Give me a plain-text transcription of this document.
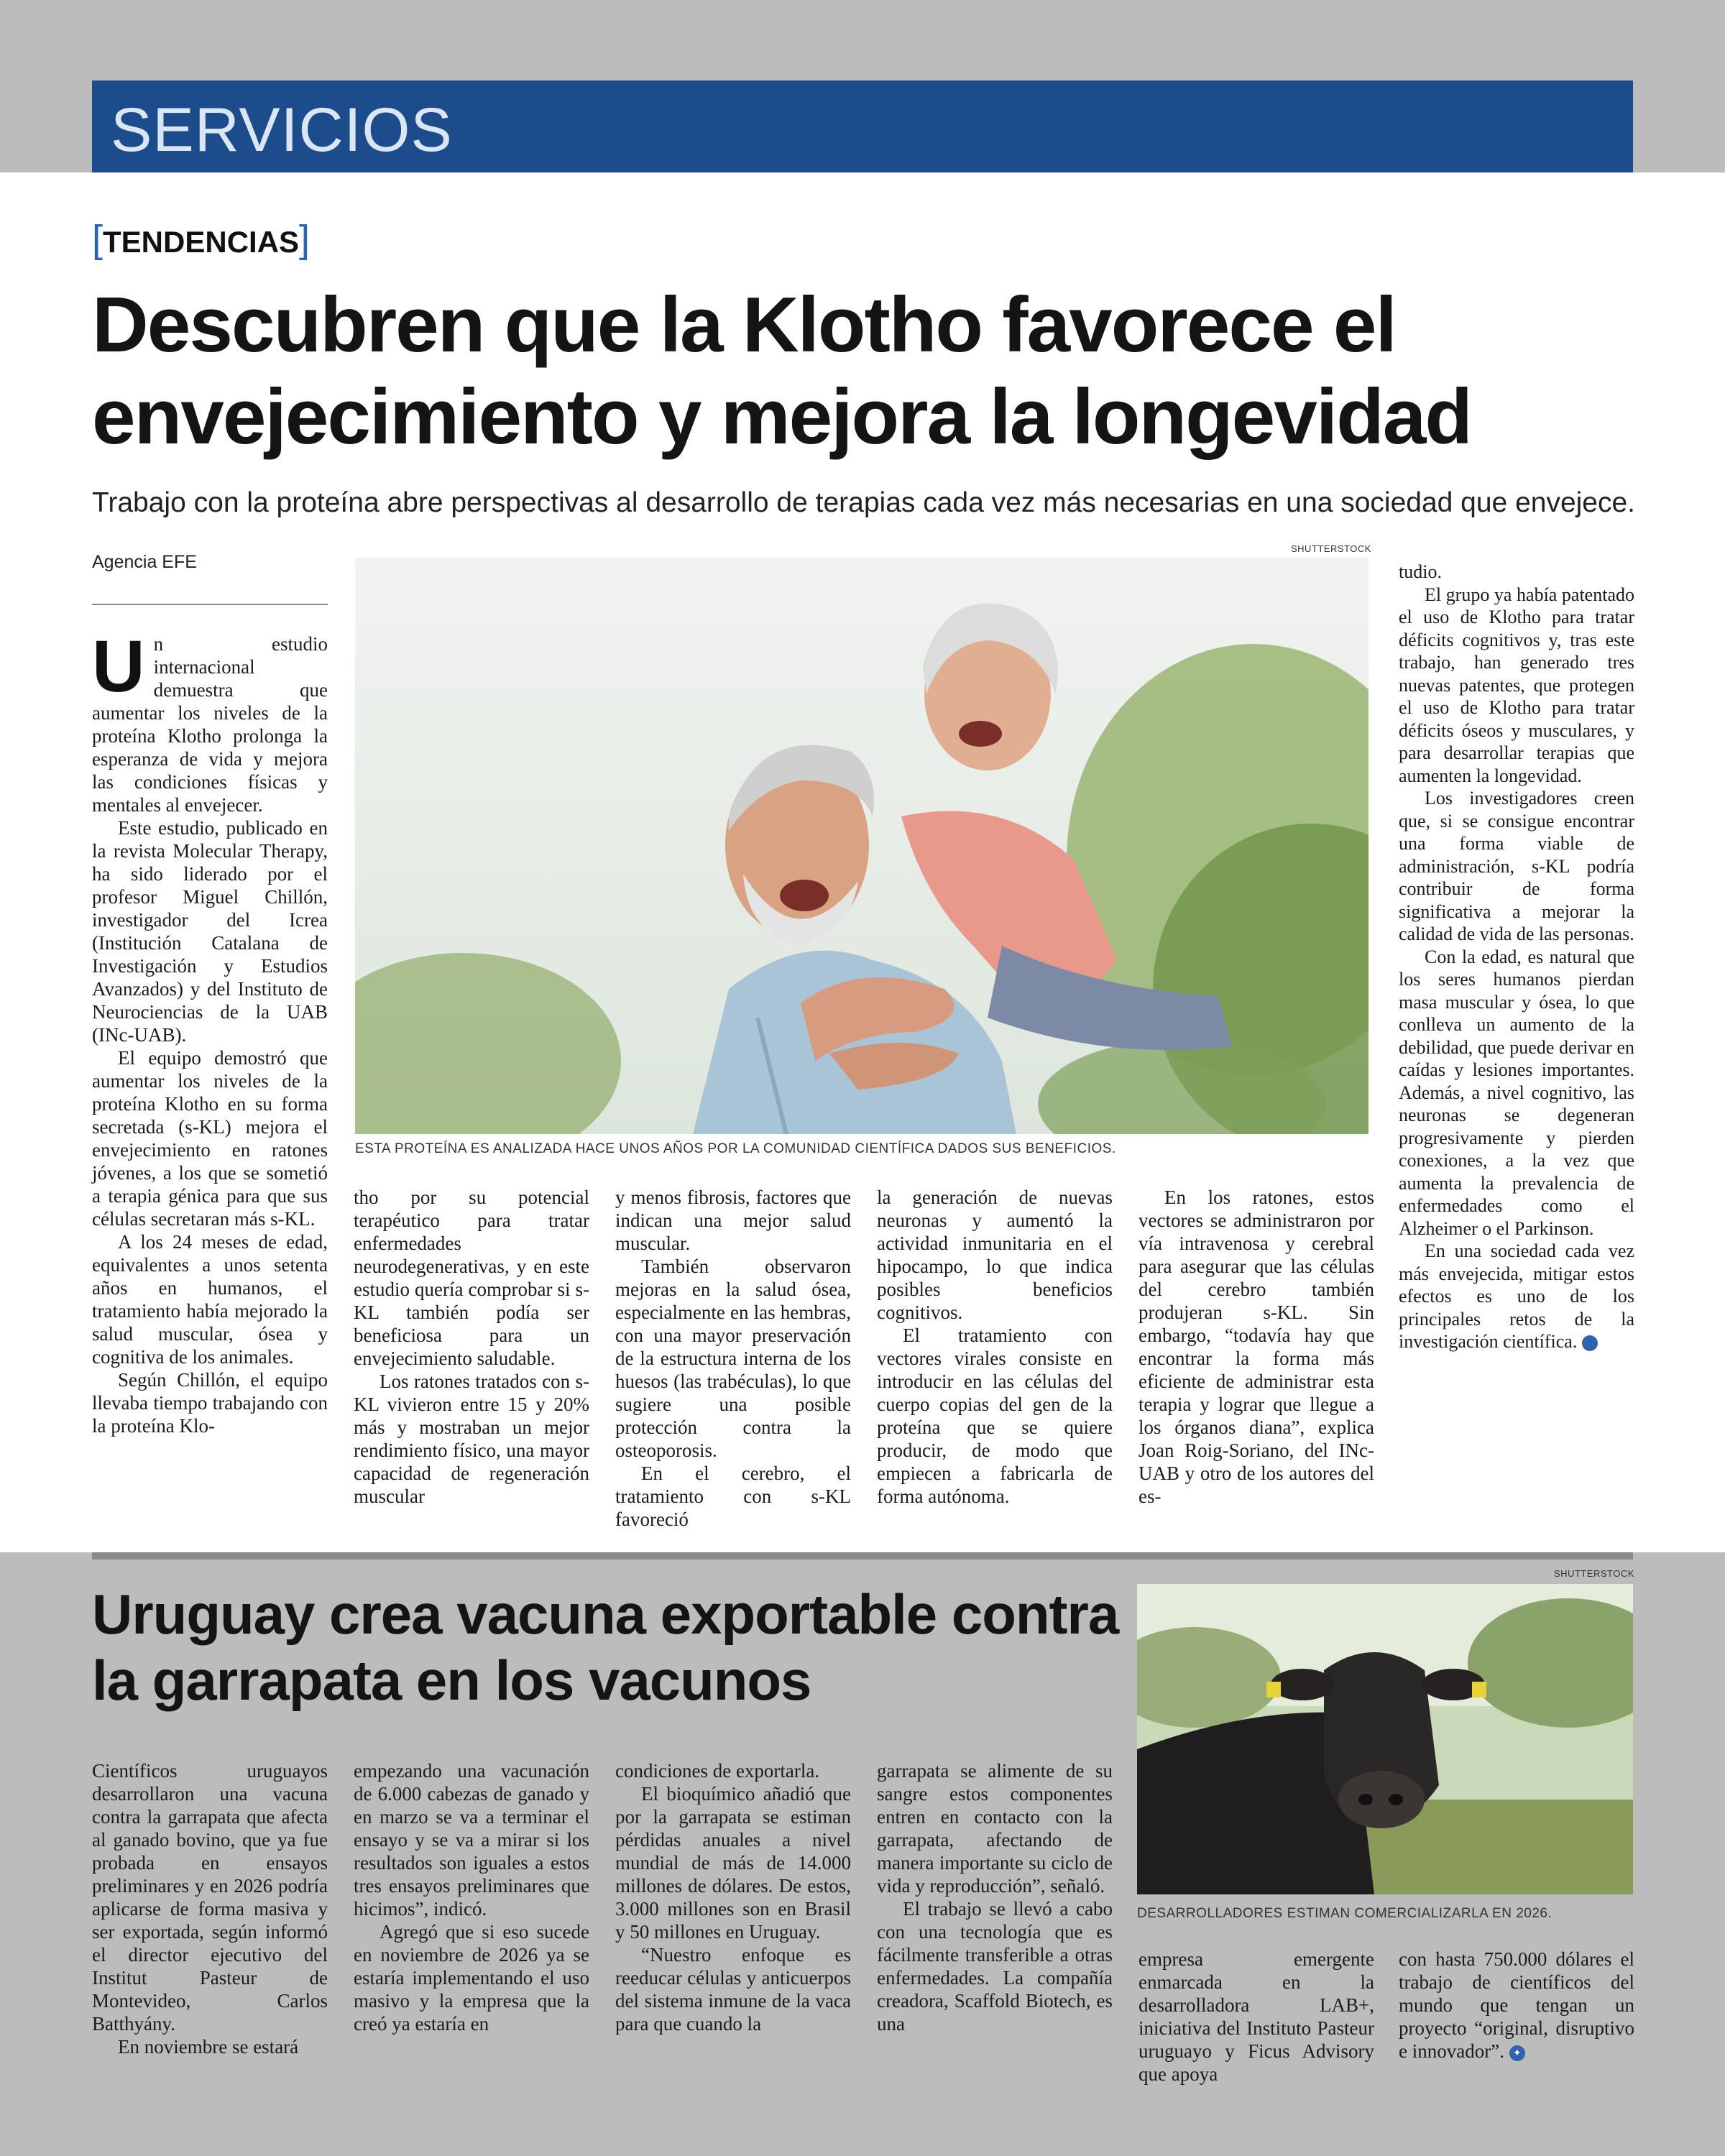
SERVICIOS
[TENDENCIAS]
Descubren que la Klotho favorece el envejecimiento y mejora la longevidad
Trabajo con la proteína abre perspectivas al desarrollo de terapias cada vez más necesarias en una sociedad que envejece.
Agencia EFE
SHUTTERSTOCK
ESTA PROTEÍNA ES ANALIZADA HACE UNOS AÑOS POR LA COMUNIDAD CIENTÍFICA DADOS SUS BENEFICIOS.

Un estudio internacional demuestra que aumentar los niveles de la proteína Klotho prolonga la esperanza de vida y mejora las condiciones físicas y mentales al envejecer.

Este estudio, publicado en la revista Molecular Therapy, ha sido liderado por el profesor Miguel Chillón, investigador del Icrea (Institución Catalana de Investigación y Estudios Avanzados) y del Instituto de Neurociencias de la UAB (INc-UAB).

El equipo demostró que aumentar los niveles de la proteína Klotho en su forma secretada (s-KL) mejora el envejecimiento en ratones jóvenes, a los que se sometió a terapia génica para que sus células secretaran más s-KL.

A los 24 meses de edad, equivalentes a unos setenta años en humanos, el tratamiento había mejorado la salud muscular, ósea y cognitiva de los animales.

Según Chillón, el equipo llevaba tiempo trabajando con la proteína Klo-

tho por su potencial terapéutico para tratar enfermedades neurodegenerativas, y en este estudio quería comprobar si s-KL también podía ser beneficiosa para un envejecimiento saludable.

Los ratones tratados con s-KL vivieron entre 15 y 20% más y mostraban un mejor rendimiento físico, una mayor capacidad de regeneración muscular

y menos fibrosis, factores que indican una mejor salud muscular.

También observaron mejoras en la salud ósea, especialmente en las hembras, con una mayor preservación de la estructura interna de los huesos (las trabéculas), lo que sugiere una posible protección contra la osteoporosis.

En el cerebro, el tratamiento con s-KL favoreció

la generación de nuevas neuronas y aumentó la actividad inmunitaria en el hipocampo, lo que indica posibles beneficios cognitivos.

El tratamiento con vectores virales consiste en introducir en las células del cuerpo copias del gen de la proteína que se quiere producir, de modo que empiecen a fabricarla de forma autónoma.

En los ratones, estos vectores se administraron por vía intravenosa y cerebral para asegurar que las células del cerebro también produjeran s-KL. Sin embargo, “todavía hay que encontrar la forma más eficiente de administrar esta terapia y lograr que llegue a los órganos diana”, explica Joan Roig-Soriano, del INc-UAB y otro de los autores del es-

tudio.

El grupo ya había patentado el uso de Klotho para tratar déficits cognitivos y, tras este trabajo, han generado tres nuevas patentes, que protegen el uso de Klotho para tratar déficits óseos y musculares, y para desarrollar terapias que aumenten la longevidad.

Los investigadores creen que, si se consigue encontrar una forma viable de administración, s-KL podría contribuir de forma significativa a mejorar la calidad de vida de las personas.

Con la edad, es natural que los seres humanos pierdan masa muscular y ósea, lo que conlleva un aumento de la debilidad, que puede derivar en caídas y lesiones importantes. Además, a nivel cognitivo, las neuronas se degeneran progresivamente y pierden conexiones, a la vez que aumenta la prevalencia de enfermedades como el Alzheimer o el Parkinson.

En una sociedad cada vez más envejecida, mitigar estos efectos es uno de los principales retos de la investigación científica.	✦

SHUTTERSTOCK
Uruguay crea vacuna exportable contra la garrapata en los vacunos
DESARROLLADORES ESTIMAN COMERCIALIZARLA EN 2026.

Científicos uruguayos desarrollaron una vacuna contra la garrapata que afecta al ganado bovino, que ya fue probada en ensayos preliminares y en 2026 podría aplicarse de forma masiva y ser exportada, según informó el director ejecutivo del Institut Pasteur de Montevideo, Carlos Batthyány.

En noviembre se estará

empezando una vacunación de 6.000 cabezas de ganado y en marzo se va a terminar el ensayo y se va a mirar si los resultados son iguales a estos tres ensayos preliminares que hicimos”, indicó.

Agregó que si eso sucede en noviembre de 2026 ya se estaría implementando el uso masivo y la empresa que la creó ya estaría en

condiciones de exportarla.

El bioquímico añadió que por la garrapata se estiman pérdidas anuales a nivel mundial de más de 14.000 millones de dólares. De estos, 3.000 millones son en Brasil y 50 millones en Uruguay.

“Nuestro enfoque es reeducar células y anticuerpos del sistema inmune de la vaca para que cuando la

garrapata se alimente de su sangre estos componentes entren en contacto con la garrapata, afectando de manera importante su ciclo de vida y reproducción”, señaló.

El trabajo se llevó a cabo con una tecnología que es fácilmente transferible a otras enfermedades. La compañía creadora, Scaffold Biotech, es una

empresa emergente enmarcada en la desarrolladora LAB+, iniciativa del Instituto Pasteur uruguayo y Ficus Advisory que apoya

con hasta 750.000 dólares el trabajo de científicos del mundo que tengan un proyecto “original, disruptivo e innovador”. ✦
